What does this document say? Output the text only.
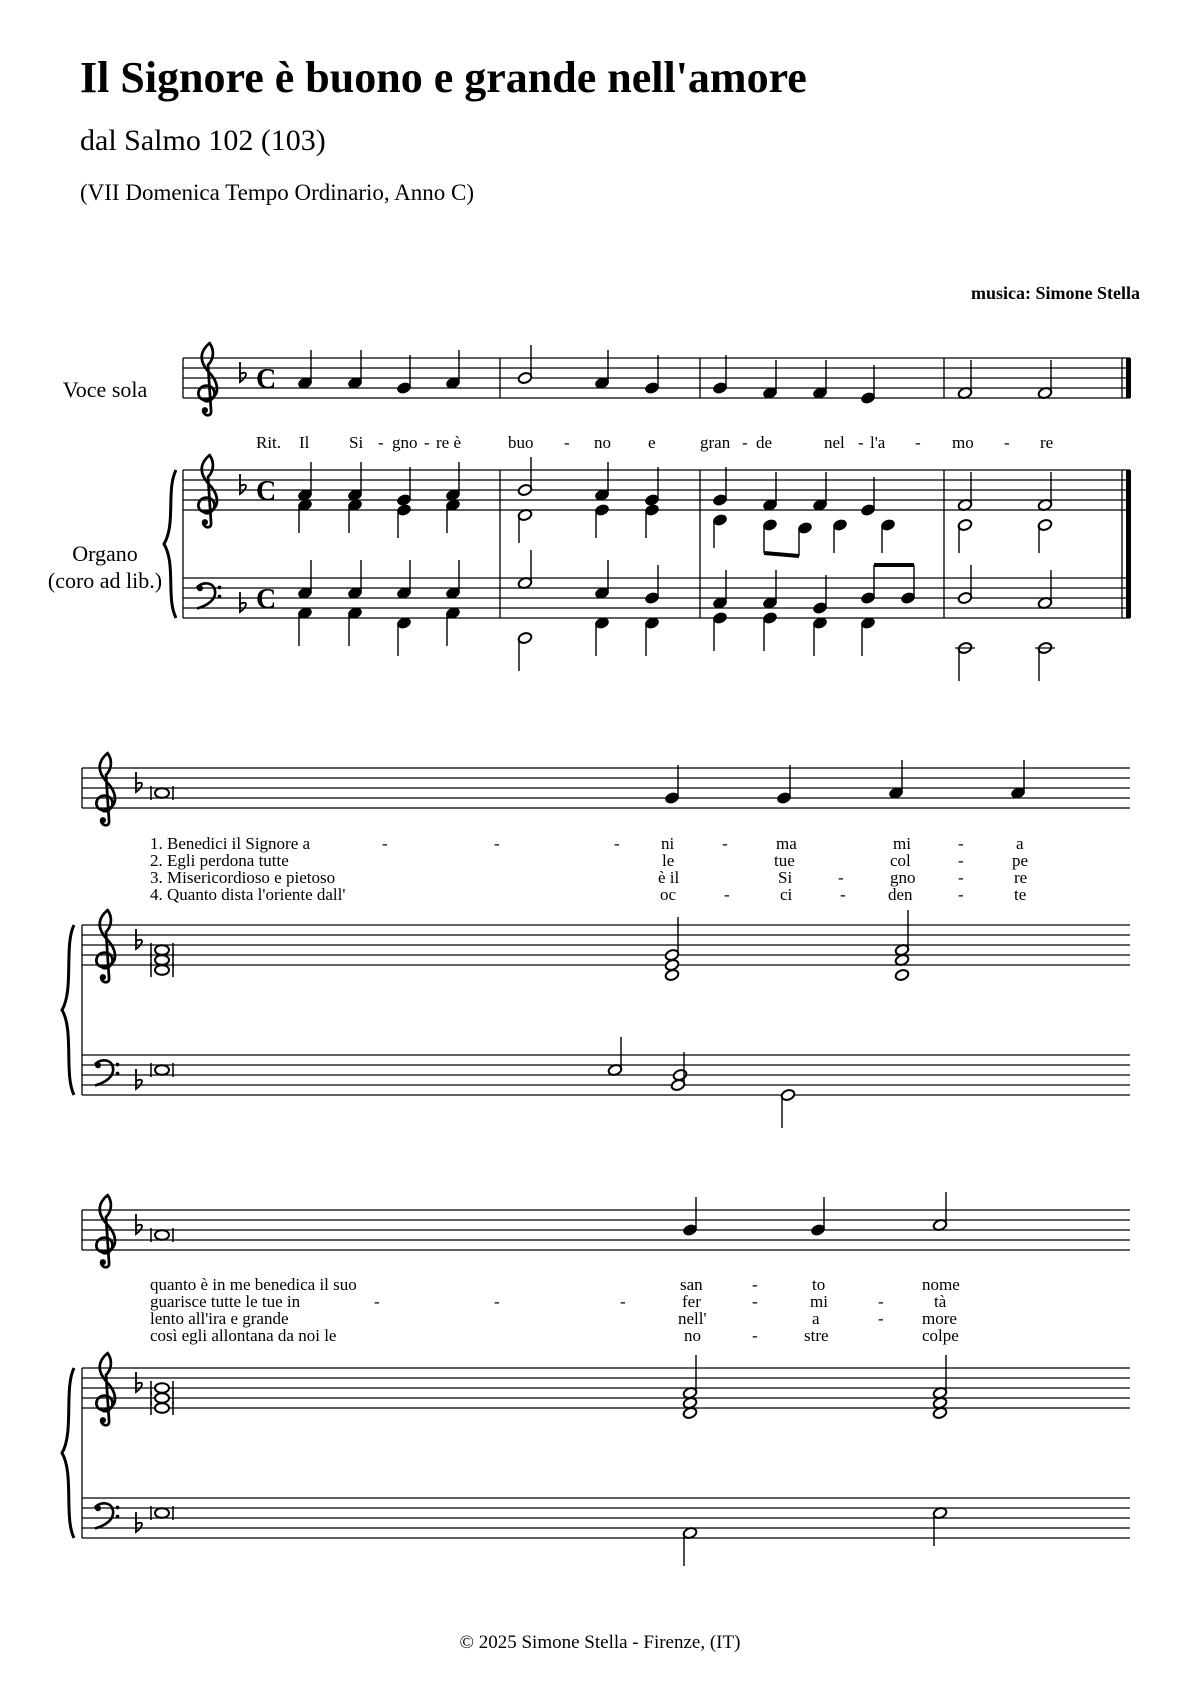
Il Signore è buono e grande nell'amore
dal Salmo 102 (103)
(VII Domenica Tempo Ordinario, Anno C)
musica: Simone Stella
Voce sola
Organo
(coro ad lib.)
C
C
C
Rit. Il Si - gno - re è	buo - no e	gran - de	nel - l'a - mo - re
1. Benedici il Signore a	-	-	- ni	-	ma	mi	-	a
2. Egli perdona tutte	le	tue	col	-	pe
3. Misericordioso e pietoso	è il	Si	-	gno	-	re
4. Quanto dista l'oriente dall'	oc	-	ci	- den	-	te
quanto è in me benedica il suo	san	-	to	nome
guarisce tutte le tue in	-	-	-	fer	-	mi	-	tà
lento all'ira e grande	nell'	a	- more
così egli allontana da noi le	no	-	stre	colpe
© 2025 Simone Stella - Firenze, (IT)
